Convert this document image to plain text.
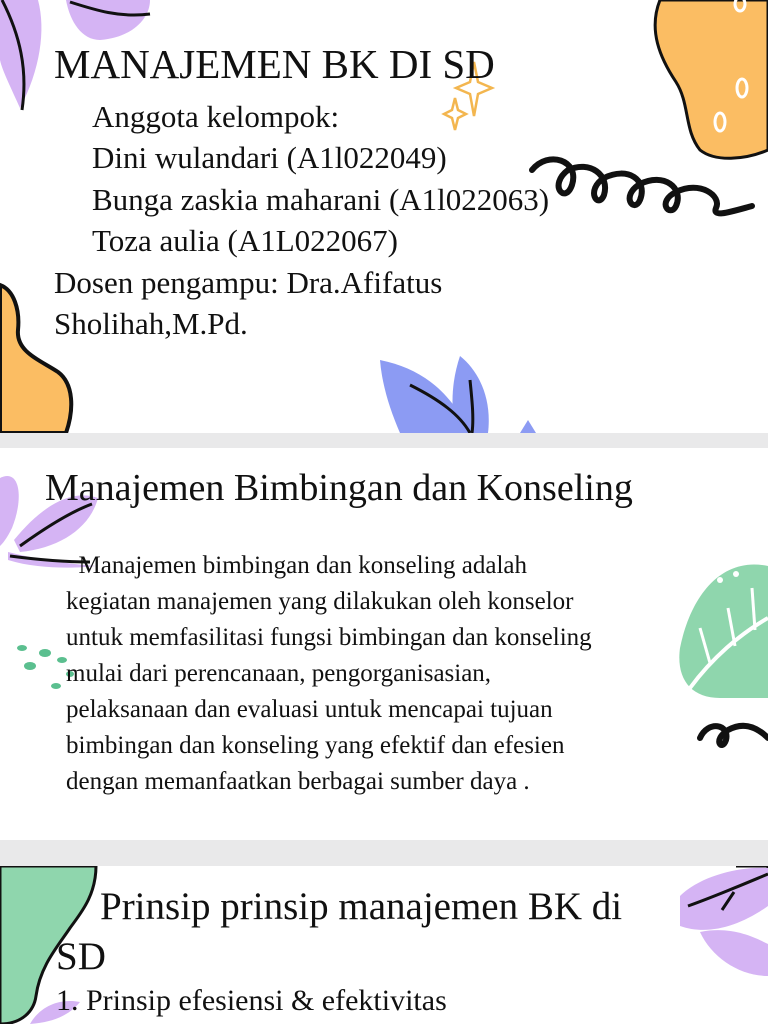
MANAJEMEN BK DI SD
Anggota kelompok:
Dini wulandari (A1l022049)
Bunga zaskia maharani (A1l022063)
Toza aulia (A1L022067)
Dosen pengampu: Dra.Afifatus
Sholihah,M.Pd.
Manajemen Bimbingan dan Konseling
Manajemen bimbingan dan konseling adalah
kegiatan manajemen yang dilakukan oleh konselor
untuk memfasilitasi fungsi bimbingan dan konseling
mulai dari perencanaan, pengorganisasian,
pelaksanaan dan evaluasi untuk mencapai tujuan
bimbingan dan konseling yang efektif dan efesien
dengan memanfaatkan berbagai sumber daya .
Prinsip prinsip manajemen BK di
SD
1. Prinsip efesiensi & efektivitas
